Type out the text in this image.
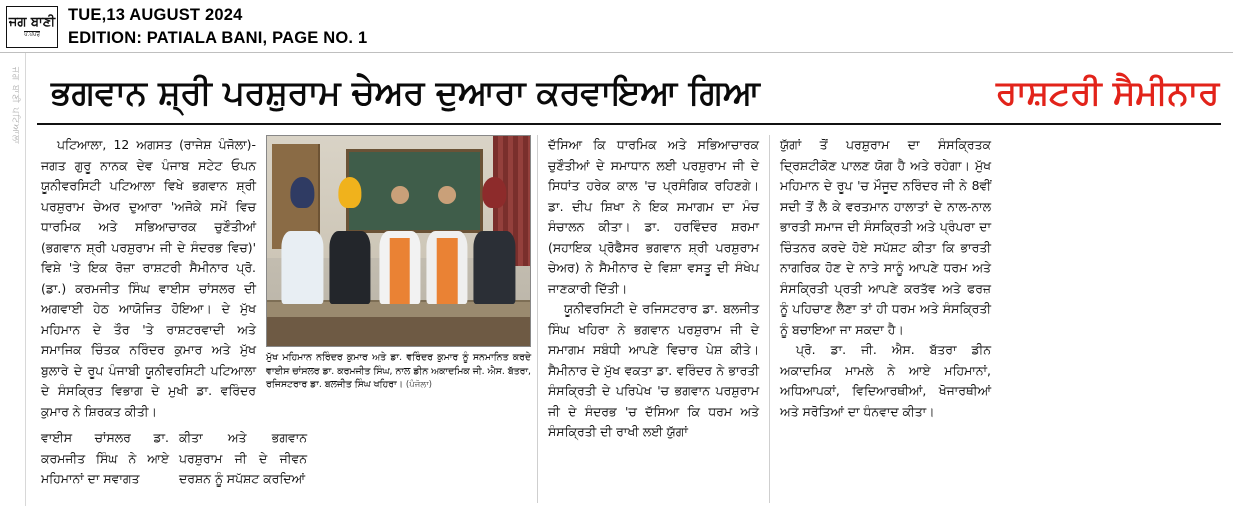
ਜਗ ਬਾਣੀ
ਪੰ.ਪੇਪਰ
TUE,13 AUGUST 2024
EDITION: PATIALA BANI, PAGE NO. 1
ਜਗ ਬਾਣੀ ਪਟਿਆਲਾ ਭਗਵਾਨ ਸ਼੍ਰੀ ਪਰਸ਼ੁਰਾਮ ਚੇਅਰ ਦੁਆਰਾ ਕਰਵਾਇਆ ਗਿਆ	ਰਾਸ਼ਟਰੀ ਸੈਮੀਨਾਰ

ਪਟਿਆਲਾ, 12 ਅਗਸਤ (ਰਾਜੇਸ਼ ਪੰਜੋਲਾ)- ਜਗਤ ਗੁਰੂ ਨਾਨਕ ਦੇਵ ਪੰਜਾਬ ਸਟੇਟ ਓਪਨ ਯੂਨੀਵਰਸਿਟੀ ਪਟਿਆਲਾ ਵਿਖੇ ਭਗਵਾਨ ਸ਼੍ਰੀ ਪਰਸ਼ੁਰਾਮ ਚੇਅਰ ਦੁਆਰਾ 'ਅਜੋਕੇ ਸਮੇਂ ਵਿਚ ਧਾਰਮਿਕ ਅਤੇ ਸਭਿਆਚਾਰਕ ਚੁਣੌਤੀਆਂ (ਭਗਵਾਨ ਸ਼੍ਰੀ ਪਰਸ਼ੁਰਾਮ ਜੀ ਦੇ ਸੰਦਰਭ ਵਿਚ)' ਵਿਸ਼ੇ 'ਤੇ ਇਕ ਰੋਜ਼ਾ ਰਾਸ਼ਟਰੀ ਸੈਮੀਨਾਰ ਪ੍ਰੋ. (ਡਾ.) ਕਰਮਜੀਤ ਸਿੰਘ ਵਾਈਸ ਚਾਂਸਲਰ ਦੀ ਅਗਵਾਈ ਹੇਠ ਆਯੋਜਿਤ ਹੋਇਆ। ਦੇ ਮੁੱਖ ਮਹਿਮਾਨ ਦੇ ਤੌਰ 'ਤੇ ਰਾਸ਼ਟਰਵਾਦੀ ਅਤੇ ਸਮਾਜਿਕ ਚਿੰਤਕ ਨਰਿੰਦਰ ਕੁਮਾਰ ਅਤੇ ਮੁੱਖ ਬੁਲਾਰੇ ਦੇ ਰੂਪ ਪੰਜਾਬੀ ਯੂਨੀਵਰਸਿਟੀ ਪਟਿਆਲਾ ਦੇ ਸੰਸਕ੍ਰਿਤ ਵਿਭਾਗ ਦੇ ਮੁਖੀ ਡਾ. ਵਰਿੰਦਰ ਕੁਮਾਰ ਨੇ ਸ਼ਿਰਕਤ ਕੀਤੀ।

ਮੁੱਖ ਮਹਿਮਾਨ ਨਰਿੰਦਰ ਕੁਮਾਰ ਅਤੇ ਡਾ. ਵਰਿੰਦਰ ਕੁਮਾਰ ਨੂੰ ਸਨਮਾਨਿਤ ਕਰਦੇ ਵਾਈਸ ਚਾਂਸਲਰ ਡਾ. ਕਰਮਜੀਤ ਸਿੰਘ, ਨਾਲ ਡੀਨ ਅਕਾਦਮਿਕ ਜੀ. ਐਸ. ਬੱਤਰਾ, ਰਜਿਸਟਰਾਰ ਡਾ. ਬਲਜੀਤ ਸਿੰਘ ਖਹਿਰਾ। (ਪੰਜੋਲਾ)
ਵਾਈਸ ਚਾਂਸਲਰ ਡਾ. ਕਰਮਜੀਤ ਸਿੰਘ ਨੇ ਆਏ ਮਹਿਮਾਨਾਂ ਦਾ ਸਵਾਗਤ
ਕੀਤਾ ਅਤੇ ਭਗਵਾਨ ਪਰਸ਼ੁਰਾਮ ਜੀ ਦੇ ਜੀਵਨ ਦਰਸ਼ਨ ਨੂੰ ਸਪੱਸ਼ਟ ਕਰਦਿਆਂ

ਦੱਸਿਆ ਕਿ ਧਾਰਮਿਕ ਅਤੇ ਸਭਿਆਚਾਰਕ ਚੁਣੌਤੀਆਂ ਦੇ ਸਮਾਧਾਨ ਲਈ ਪਰਸ਼ੁਰਾਮ ਜੀ ਦੇ ਸਿਧਾਂਤ ਹਰੇਕ ਕਾਲ 'ਚ ਪ੍ਰਸੰਗਿਕ ਰਹਿਣਗੇ। ਡਾ. ਦੀਪ ਸ਼ਿਖਾ ਨੇ ਇਕ ਸਮਾਗਮ ਦਾ ਮੰਚ ਸੰਚਾਲਨ ਕੀਤਾ। ਡਾ. ਹਰਵਿੰਦਰ ਸ਼ਰਮਾ (ਸਹਾਇਕ ਪ੍ਰੋਫੈਸਰ ਭਗਵਾਨ ਸ਼੍ਰੀ ਪਰਸ਼ੁਰਾਮ ਚੇਅਰ) ਨੇ ਸੈਮੀਨਾਰ ਦੇ ਵਿਸ਼ਾ ਵਸਤੂ ਦੀ ਸੰਖੇਪ ਜਾਣਕਾਰੀ ਦਿੱਤੀ।

ਯੂਨੀਵਰਸਿਟੀ ਦੇ ਰਜਿਸਟਰਾਰ ਡਾ. ਬਲਜੀਤ ਸਿੰਘ ਖਹਿਰਾ ਨੇ ਭਗਵਾਨ ਪਰਸ਼ੁਰਾਮ ਜੀ ਦੇ ਸਮਾਗਮ ਸਬੰਧੀ ਆਪਣੇ ਵਿਚਾਰ ਪੇਸ਼ ਕੀਤੇ। ਸੈਮੀਨਾਰ ਦੇ ਮੁੱਖ ਵਕਤਾ ਡਾ. ਵਰਿੰਦਰ ਨੇ ਭਾਰਤੀ ਸੰਸਕ੍ਰਿਤੀ ਦੇ ਪਰਿਪੇਖ 'ਚ ਭਗਵਾਨ ਪਰਸ਼ੁਰਾਮ ਜੀ ਦੇ ਸੰਦਰਭ 'ਚ ਦੱਸਿਆ ਕਿ ਧਰਮ ਅਤੇ ਸੰਸਕ੍ਰਿਤੀ ਦੀ ਰਾਖੀ ਲਈ ਯੁੱਗਾਂ

ਯੁੱਗਾਂ ਤੋਂ ਪਰਸ਼ੁਰਾਮ ਦਾ ਸੰਸਕ੍ਰਿਤਕ ਦ੍ਰਿਸ਼ਟੀਕੋਣ ਪਾਲਣ ਯੋਗ ਹੈ ਅਤੇ ਰਹੇਗਾ। ਮੁੱਖ ਮਹਿਮਾਨ ਦੇ ਰੂਪ 'ਚ ਮੌਜੂਦ ਨਰਿੰਦਰ ਜੀ ਨੇ 8ਵੀਂ ਸਦੀ ਤੋਂ ਲੈ ਕੇ ਵਰਤਮਾਨ ਹਾਲਾਤਾਂ ਦੇ ਨਾਲ-ਨਾਲ ਭਾਰਤੀ ਸਮਾਜ ਦੀ ਸੰਸਕ੍ਰਿਤੀ ਅਤੇ ਪ੍ਰੰਪਰਾ ਦਾ ਚਿੰਤਨਰ ਕਰਦੇ ਹੋਏ ਸਪੱਸ਼ਟ ਕੀਤਾ ਕਿ ਭਾਰਤੀ ਨਾਗਰਿਕ ਹੋਣ ਦੇ ਨਾਤੇ ਸਾਨੂੰ ਆਪਣੇ ਧਰਮ ਅਤੇ ਸੰਸਕ੍ਰਿਤੀ ਪ੍ਰਤੀ ਆਪਣੇ ਕਰਤੱਵ ਅਤੇ ਫਰਜ਼ ਨੂੰ ਪਹਿਚਾਣ ਲੈਣਾ ਤਾਂ ਹੀ ਧਰਮ ਅਤੇ ਸੰਸਕ੍ਰਿਤੀ ਨੂੰ ਬਚਾਇਆ ਜਾ ਸਕਦਾ ਹੈ।

ਪ੍ਰੋ. ਡਾ. ਜੀ. ਐਸ. ਬੱਤਰਾ ਡੀਨ ਅਕਾਦਮਿਕ ਮਾਮਲੇ ਨੇ ਆਏ ਮਹਿਮਾਨਾਂ, ਅਧਿਆਪਕਾਂ, ਵਿਦਿਆਰਥੀਆਂ, ਖੋਜਾਰਥੀਆਂ ਅਤੇ ਸਰੋਤਿਆਂ ਦਾ ਧੰਨਵਾਦ ਕੀਤਾ।
